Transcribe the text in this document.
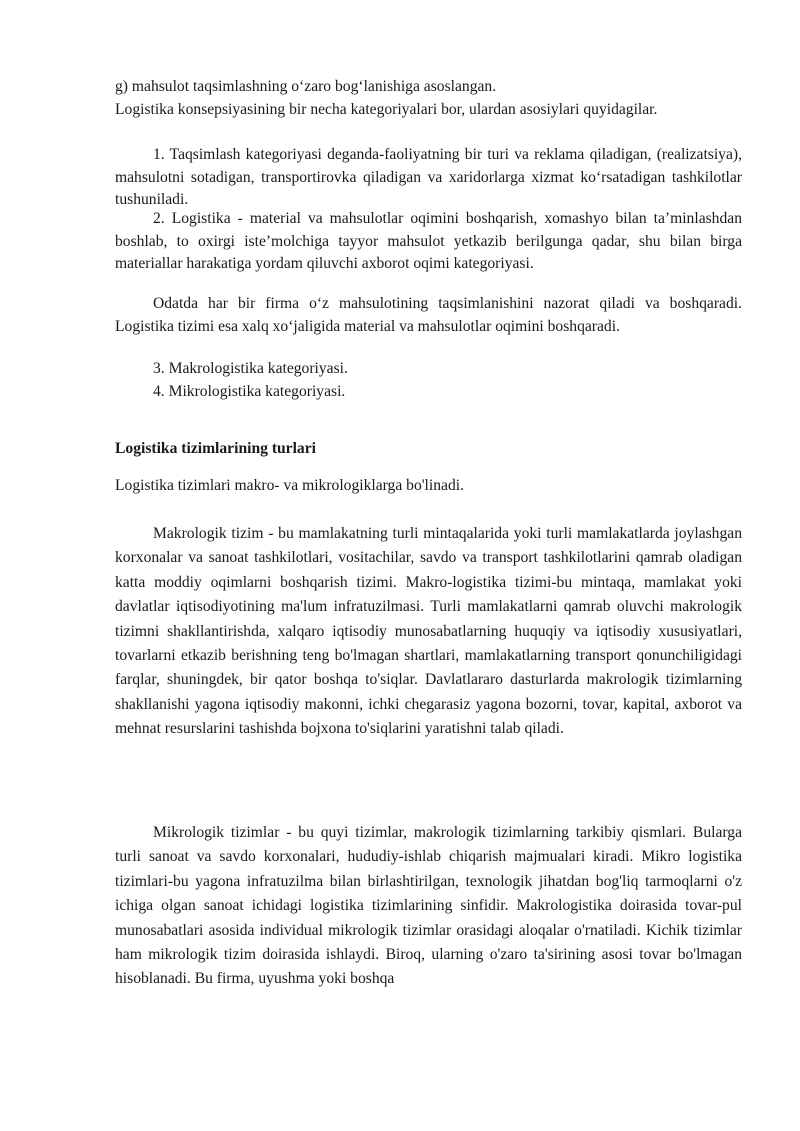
g) mahsulot taqsimlashning o‘zaro bog‘lanishiga asoslangan.

Logistika konsepsiyasining bir necha kategoriyalari bor, ulardan asosiylari quyidagilar.

1. Taqsimlash kategoriyasi deganda-faoliyatning bir turi va reklama qiladigan, (realizatsiya), mahsulotni sotadigan, transportirovka qiladigan va xaridorlarga xizmat ko‘rsatadigan tashkilotlar tushuniladi.

2. Logistika - material va mahsulotlar oqimini boshqarish, xomashyo bilan ta’minlashdan boshlab, to oxirgi iste’molchiga tayyor mahsulot yetkazib berilgunga qadar, shu bilan birga materiallar harakatiga yordam qiluvchi axborot oqimi kategoriyasi.

Odatda har bir firma o‘z mahsulotining taqsimlanishini nazorat qiladi va boshqaradi. Logistika tizimi esa xalq xo‘jaligida material va mahsulotlar oqimini boshqaradi.

3. Makrologistika kategoriyasi.

4. Mikrologistika kategoriyasi.

Logistika tizimlarining turlari

Logistika tizimlari makro- va mikrologiklarga bo'linadi.

Makrologik tizim - bu mamlakatning turli mintaqalarida yoki turli mamlakatlarda joylashgan korxonalar va sanoat tashkilotlari, vositachilar, savdo va transport tashkilotlarini qamrab oladigan katta moddiy oqimlarni boshqarish tizimi. Makro-logistika tizimi-bu mintaqa, mamlakat yoki davlatlar iqtisodiyotining ma'lum infratuzilmasi. Turli mamlakatlarni qamrab oluvchi makrologik tizimni shakllantirishda, xalqaro iqtisodiy munosabatlarning huquqiy va iqtisodiy xususiyatlari, tovarlarni etkazib berishning teng bo'lmagan shartlari, mamlakatlarning transport qonunchiligidagi farqlar, shuningdek, bir qator boshqa to'siqlar. Davlatlararo dasturlarda makrologik tizimlarning shakllanishi yagona iqtisodiy makonni, ichki chegarasiz yagona bozorni, tovar, kapital, axborot va mehnat resurslarini tashishda bojxona to'siqlarini yaratishni talab qiladi.

Mikrologik tizimlar - bu quyi tizimlar, makrologik tizimlarning tarkibiy qismlari. Bularga turli sanoat va savdo korxonalari, hududiy-ishlab chiqarish majmualari kiradi. Mikro logistika tizimlari-bu yagona infratuzilma bilan birlashtirilgan, texnologik jihatdan bog'liq tarmoqlarni o'z ichiga olgan sanoat ichidagi logistika tizimlarining sinfidir. Makrologistika doirasida tovar-pul munosabatlari asosida individual mikrologik tizimlar orasidagi aloqalar o'rnatiladi. Kichik tizimlar ham mikrologik tizim doirasida ishlaydi. Biroq, ularning o'zaro ta'sirining asosi tovar bo'lmagan hisoblanadi. Bu firma, uyushma yoki boshqa
